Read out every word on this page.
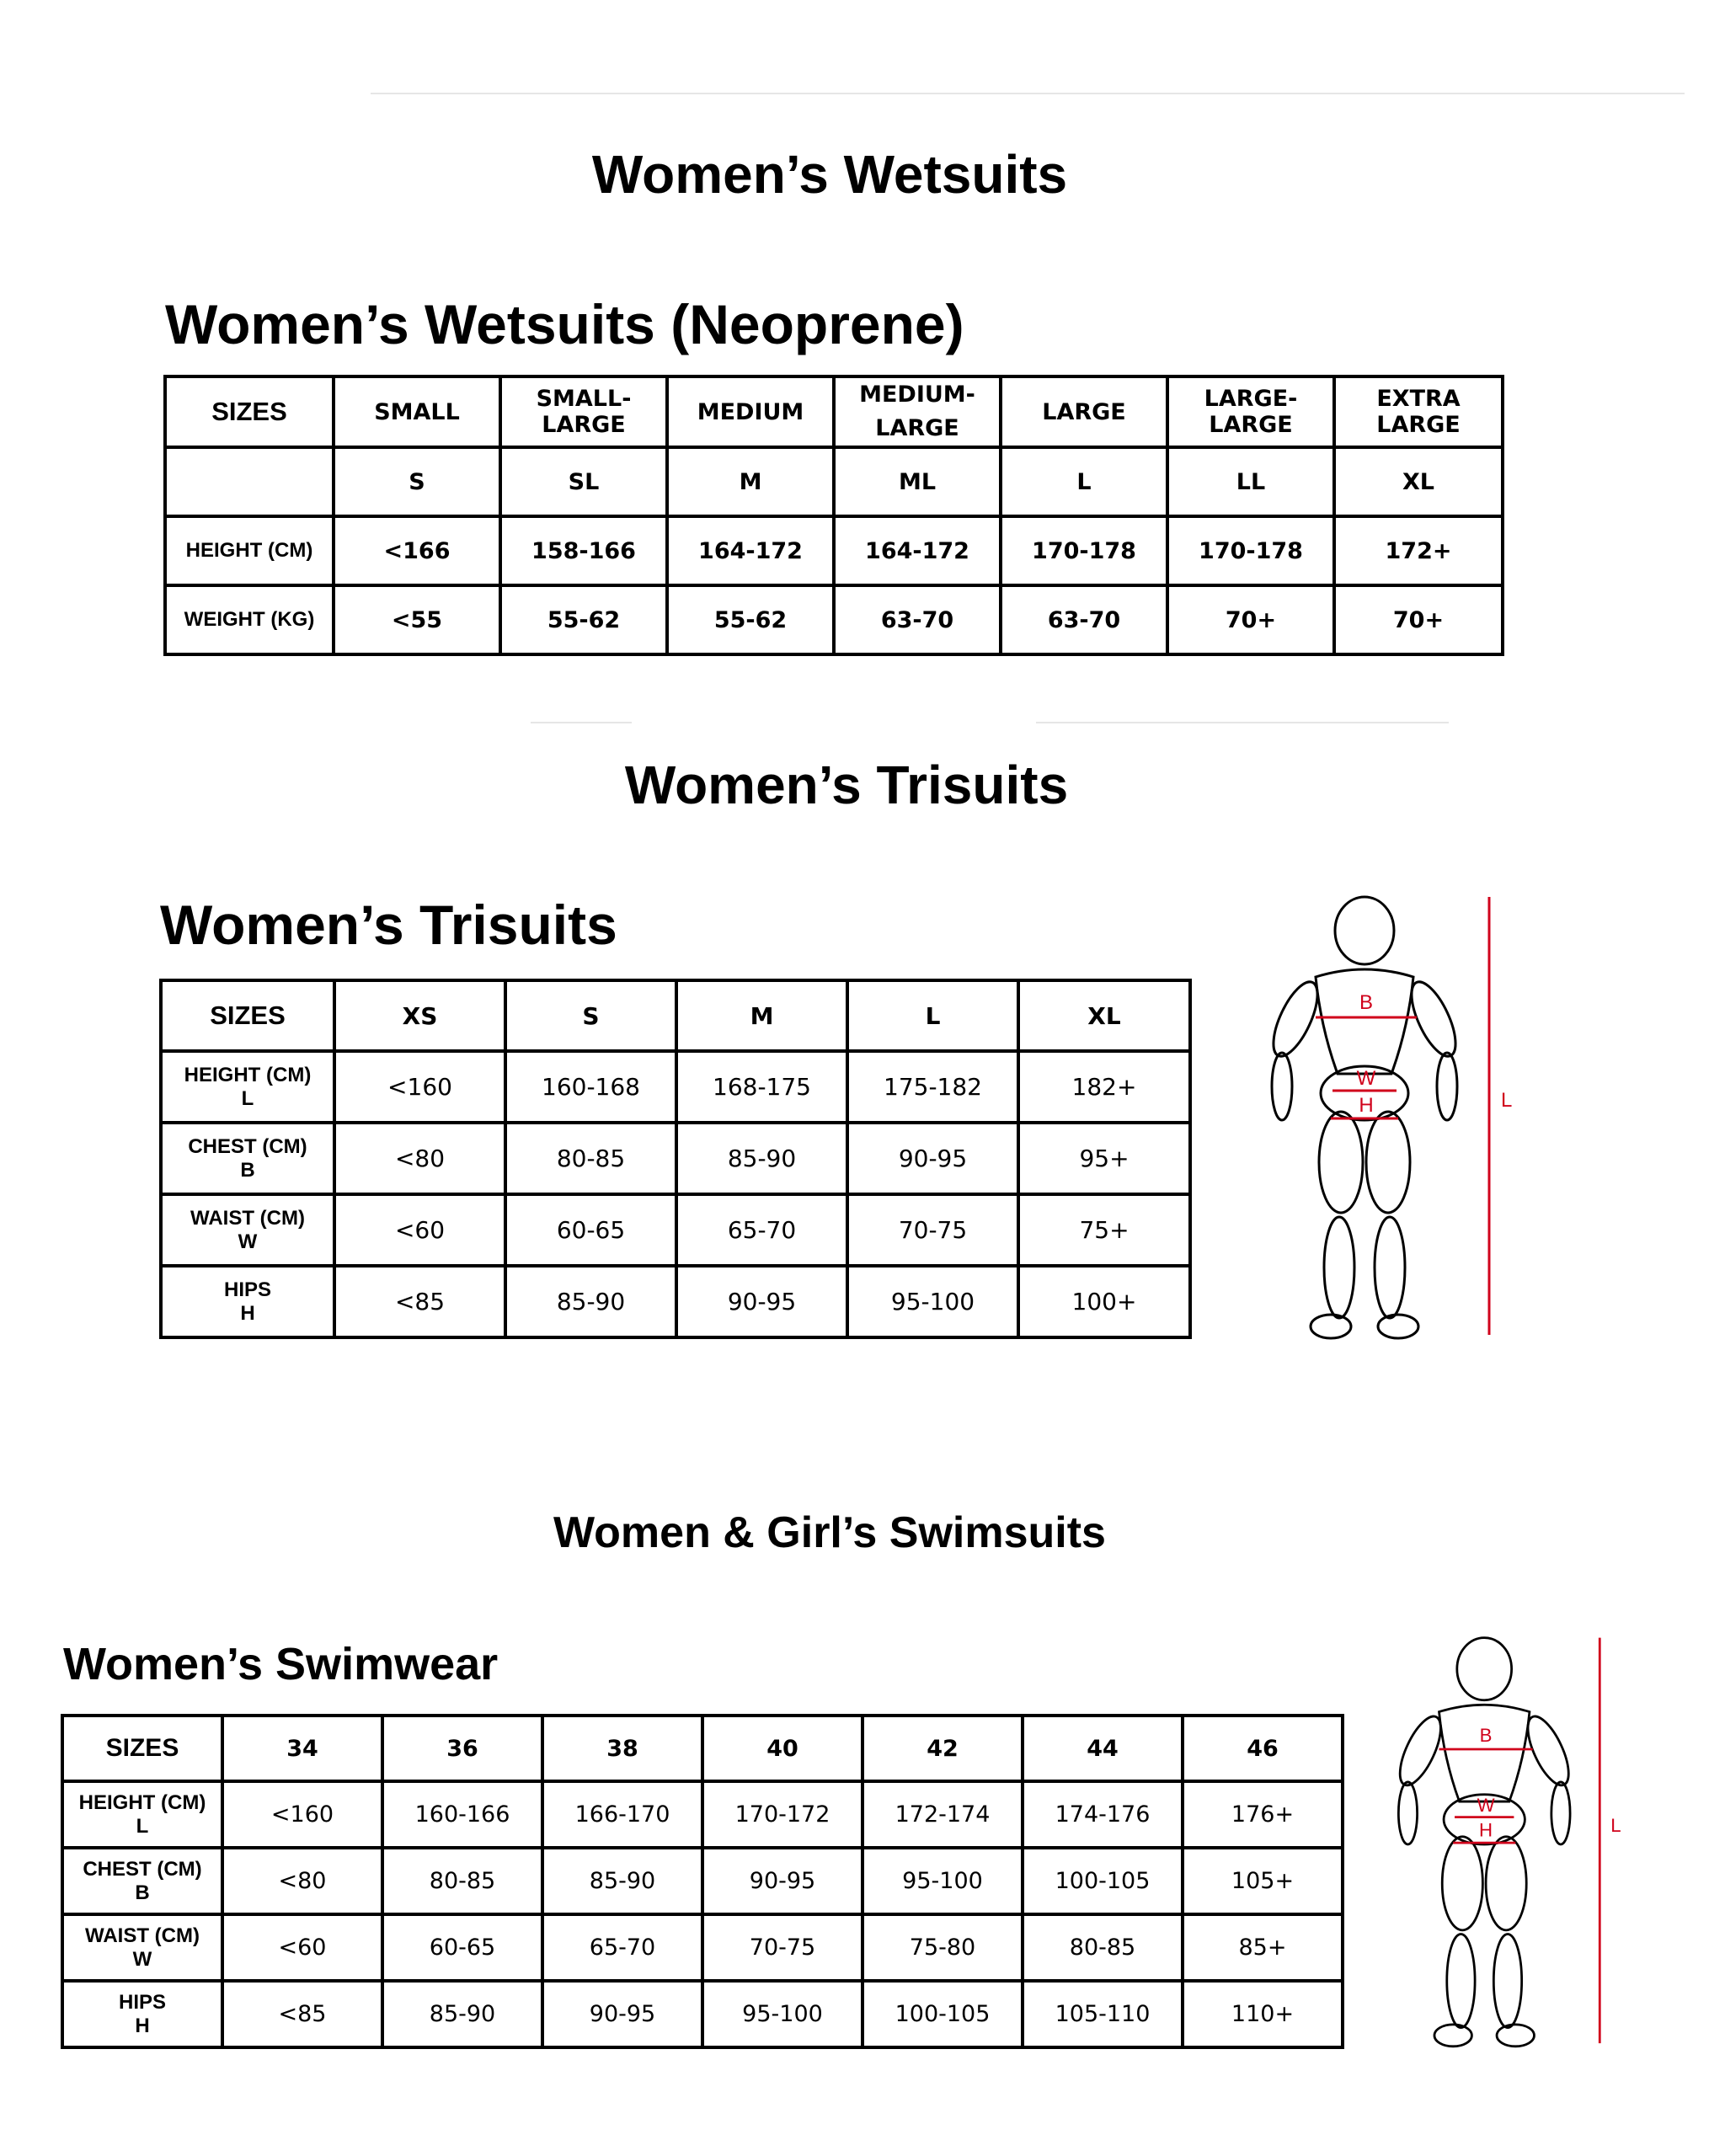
Women’s Wetsuits
Women’s Wetsuits (Neoprene)
SIZES	SMALL	SMALL-LARGE	MEDIUM	MEDIUM-LARGE	LARGE	LARGE-LARGE	EXTRA LARGE
	S	SL	M	ML	L	LL	XL
HEIGHT (CM)	<166	158-166	164-172	164-172	170-178	170-178	172+
WEIGHT (KG)	<55	55-62	55-62	63-70	63-70	70+	70+
Women’s Trisuits
Women’s Trisuits
SIZES	XS	S	M	L	XL

HEIGHT (CM)
L	<160	160-168	168-175	175-182	182+

CHEST (CM)
B	<80	80-85	85-90	90-95	95+

WAIST (CM)
W	<60	60-65	65-70	70-75	75+

HIPS
H	<85	85-90	90-95	95-100	100+
B
W
H	L
Women & Girl’s Swimsuits
Women’s Swimwear
SIZES	34	36	38	40	42	44	46

HEIGHT (CM)
L	<160	160-166	166-170	170-172	172-174	174-176	176+

CHEST (CM)
B	<80	80-85	85-90	90-95	95-100	100-105	105+

WAIST (CM)
W	<60	60-65	65-70	70-75	75-80	80-85	85+

HIPS
H	<85	85-90	90-95	95-100	100-105	105-110	110+
B
W
H	L
